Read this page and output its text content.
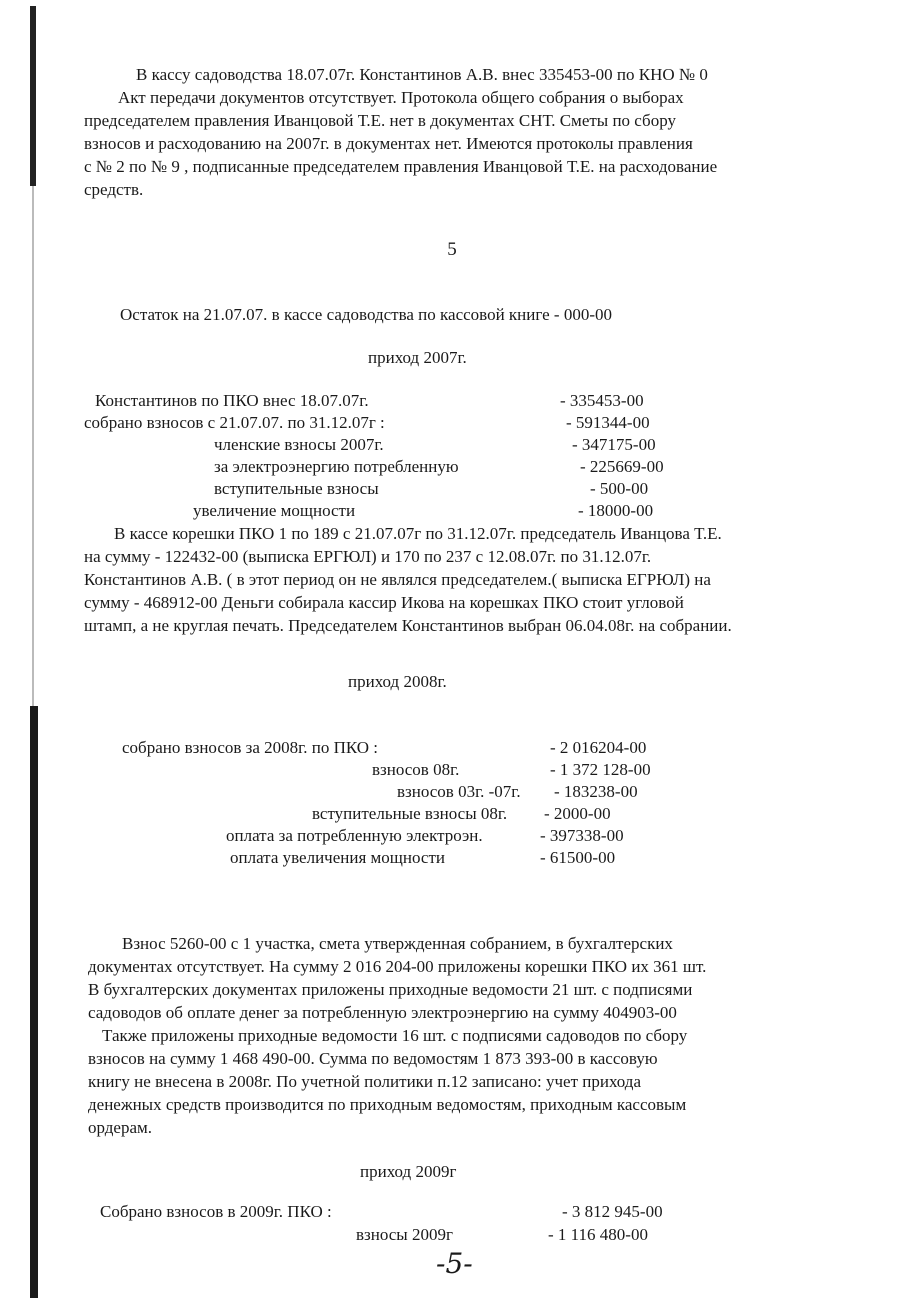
В кассу садоводства 18.07.07г. Константинов А.В. внес 335453-00 по КНО № 0
Акт передачи документов отсутствует. Протокола общего собрания о выборах
председателем правления Иванцовой Т.Е. нет в документах СНТ. Сметы по сбору
взносов и расходованию на 2007г. в документах нет. Имеются протоколы правления
с № 2 по № 9 , подписанные председателем правления Иванцовой Т.Е. на расходование
средств.
5
Остаток на 21.07.07. в кассе садоводства по кассовой книге - 000-00
приход 2007г.
Константинов по ПКО внес 18.07.07г.	- 335453-00
собрано взносов с 21.07.07. по 31.12.07г :	- 591344-00
членские взносы 2007г.	- 347175-00
за электроэнергию потребленную	- 225669-00
вступительные взносы	- 500-00
увеличение мощности	- 18000-00
В кассе корешки ПКО 1 по 189 с 21.07.07г по 31.12.07г. председатель Иванцова Т.Е.
на сумму - 122432-00 (выписка ЕРГЮЛ) и 170 по 237 с 12.08.07г. по 31.12.07г.
Константинов А.В. ( в этот период он не являлся председателем.( выписка ЕГРЮЛ) на
сумму - 468912-00 Деньги собирала кассир Икова на корешках ПКО стоит угловой
штамп, а не круглая печать. Председателем Константинов выбран 06.04.08г. на собрании.
приход 2008г.
собрано взносов за 2008г. по ПКО :	- 2 016204-00
взносов 08г.	- 1 372 128-00
взносов 03г. -07г. - 183238-00
вступительные взносы 08г. - 2000-00
оплата за потребленную электроэн.	- 397338-00
оплата увеличения мощности	- 61500-00
Взнос 5260-00 с 1 участка, смета утвержденная собранием, в бухгалтерских
документах отсутствует. На сумму 2 016 204-00 приложены корешки ПКО их 361 шт.
В бухгалтерских документах приложены приходные ведомости 21 шт. с подписями
садоводов об оплате денег за потребленную электроэнергию на сумму 404903-00
Также приложены приходные ведомости 16 шт. с подписями садоводов по сбору
взносов на сумму 1 468 490-00. Сумма по ведомостям 1 873 393-00 в кассовую
книгу не внесена в 2008г. По учетной политики п.12 записано: учет прихода
денежных средств производится по приходным ведомостям, приходным кассовым
ордерам.
приход 2009г
Собрано взносов в 2009г. ПКО :	- 3 812 945-00
взносы 2009г	- 1 116 480-00
-5-
